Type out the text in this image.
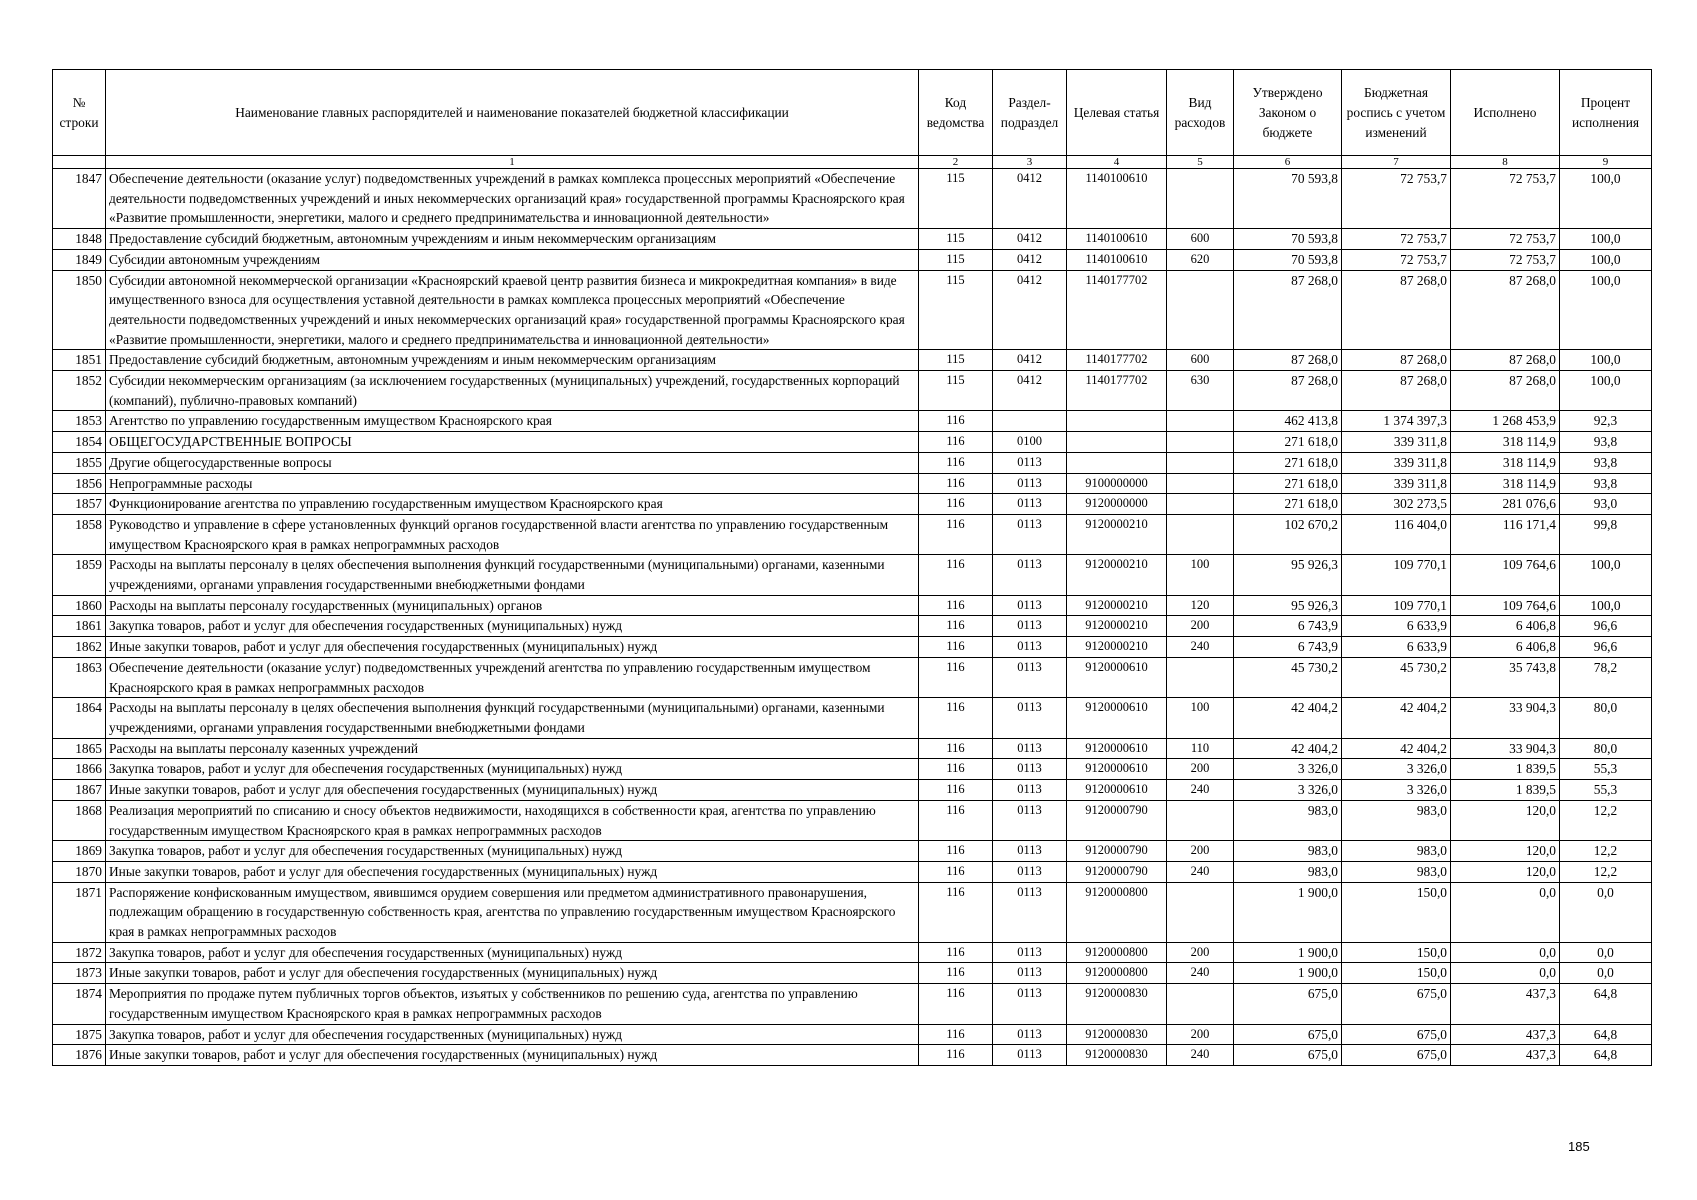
№ строки	Наименование главных распорядителей и наименование показателей бюджетной классификации	Код ведомства	Раздел-подраздел	Целевая статья	Вид расходов	Утверждено Законом о бюджете	Бюджетная роспись с учетом изменений	Исполнено	Процент исполнения
	1	2	3	4	5	6	7	8	9
1847	Обеспечение деятельности (оказание услуг) подведомственных учреждений в рамках комплекса процессных мероприятий «Обеспечение деятельности подведомственных учреждений и иных некоммерческих организаций края» государственной программы Красноярского края «Развитие промышленности, энергетики, малого и среднего предпринимательства и инновационной деятельности»	115	0412	1140100610		70 593,8	72 753,7	72 753,7	100,0
1848	Предоставление субсидий бюджетным, автономным учреждениям и иным некоммерческим организациям	115	0412	1140100610	600	70 593,8	72 753,7	72 753,7	100,0
1849	Субсидии автономным учреждениям	115	0412	1140100610	620	70 593,8	72 753,7	72 753,7	100,0
1850	Субсидии автономной некоммерческой организации «Красноярский краевой центр развития бизнеса и микрокредитная компания» в виде имущественного взноса для осуществления уставной деятельности в рамках комплекса процессных мероприятий «Обеспечение деятельности подведомственных учреждений и иных некоммерческих организаций края» государственной программы Красноярского края «Развитие промышленности, энергетики, малого и среднего предпринимательства и инновационной деятельности»	115	0412	1140177702		87 268,0	87 268,0	87 268,0	100,0
1851	Предоставление субсидий бюджетным, автономным учреждениям и иным некоммерческим организациям	115	0412	1140177702	600	87 268,0	87 268,0	87 268,0	100,0
1852	Субсидии некоммерческим организациям (за исключением государственных (муниципальных) учреждений, государственных корпораций (компаний), публично-правовых компаний)	115	0412	1140177702	630	87 268,0	87 268,0	87 268,0	100,0
1853	Агентство по управлению государственным имуществом Красноярского края	116				462 413,8	1 374 397,3	1 268 453,9	92,3
1854	ОБЩЕГОСУДАРСТВЕННЫЕ ВОПРОСЫ	116	0100			271 618,0	339 311,8	318 114,9	93,8
1855	Другие общегосударственные вопросы	116	0113			271 618,0	339 311,8	318 114,9	93,8
1856	Непрограммные расходы	116	0113	9100000000		271 618,0	339 311,8	318 114,9	93,8
1857	Функционирование агентства по управлению государственным имуществом Красноярского края	116	0113	9120000000		271 618,0	302 273,5	281 076,6	93,0
1858	Руководство и управление в сфере установленных функций органов государственной власти агентства по управлению государственным имуществом Красноярского края в рамках непрограммных расходов	116	0113	9120000210		102 670,2	116 404,0	116 171,4	99,8
1859	Расходы на выплаты персоналу в целях обеспечения выполнения функций государственными (муниципальными) органами, казенными учреждениями, органами управления государственными внебюджетными фондами	116	0113	9120000210	100	95 926,3	109 770,1	109 764,6	100,0
1860	Расходы на выплаты персоналу государственных (муниципальных) органов	116	0113	9120000210	120	95 926,3	109 770,1	109 764,6	100,0
1861	Закупка товаров, работ и услуг для обеспечения государственных (муниципальных) нужд	116	0113	9120000210	200	6 743,9	6 633,9	6 406,8	96,6
1862	Иные закупки товаров, работ и услуг для обеспечения государственных (муниципальных) нужд	116	0113	9120000210	240	6 743,9	6 633,9	6 406,8	96,6
1863	Обеспечение деятельности (оказание услуг) подведомственных учреждений агентства по управлению государственным имуществом Красноярского края в рамках непрограммных расходов	116	0113	9120000610		45 730,2	45 730,2	35 743,8	78,2
1864	Расходы на выплаты персоналу в целях обеспечения выполнения функций государственными (муниципальными) органами, казенными учреждениями, органами управления государственными внебюджетными фондами	116	0113	9120000610	100	42 404,2	42 404,2	33 904,3	80,0
1865	Расходы на выплаты персоналу казенных учреждений	116	0113	9120000610	110	42 404,2	42 404,2	33 904,3	80,0
1866	Закупка товаров, работ и услуг для обеспечения государственных (муниципальных) нужд	116	0113	9120000610	200	3 326,0	3 326,0	1 839,5	55,3
1867	Иные закупки товаров, работ и услуг для обеспечения государственных (муниципальных) нужд	116	0113	9120000610	240	3 326,0	3 326,0	1 839,5	55,3
1868	Реализация мероприятий по списанию и сносу объектов недвижимости, находящихся в собственности края, агентства по управлению государственным имуществом Красноярского края в рамках непрограммных расходов	116	0113	9120000790		983,0	983,0	120,0	12,2
1869	Закупка товаров, работ и услуг для обеспечения государственных (муниципальных) нужд	116	0113	9120000790	200	983,0	983,0	120,0	12,2
1870	Иные закупки товаров, работ и услуг для обеспечения государственных (муниципальных) нужд	116	0113	9120000790	240	983,0	983,0	120,0	12,2
1871	Распоряжение конфискованным имуществом, явившимся орудием совершения или предметом административного правонарушения, подлежащим обращению в государственную собственность края, агентства по управлению государственным имуществом Красноярского края в рамках непрограммных расходов	116	0113	9120000800		1 900,0	150,0	0,0	0,0
1872	Закупка товаров, работ и услуг для обеспечения государственных (муниципальных) нужд	116	0113	9120000800	200	1 900,0	150,0	0,0	0,0
1873	Иные закупки товаров, работ и услуг для обеспечения государственных (муниципальных) нужд	116	0113	9120000800	240	1 900,0	150,0	0,0	0,0
1874	Мероприятия по продаже путем публичных торгов объектов, изъятых у собственников по решению суда, агентства по управлению государственным имуществом Красноярского края в рамках непрограммных расходов	116	0113	9120000830		675,0	675,0	437,3	64,8
1875	Закупка товаров, работ и услуг для обеспечения государственных (муниципальных) нужд	116	0113	9120000830	200	675,0	675,0	437,3	64,8
1876	Иные закупки товаров, работ и услуг для обеспечения государственных (муниципальных) нужд	116	0113	9120000830	240	675,0	675,0	437,3	64,8
185
